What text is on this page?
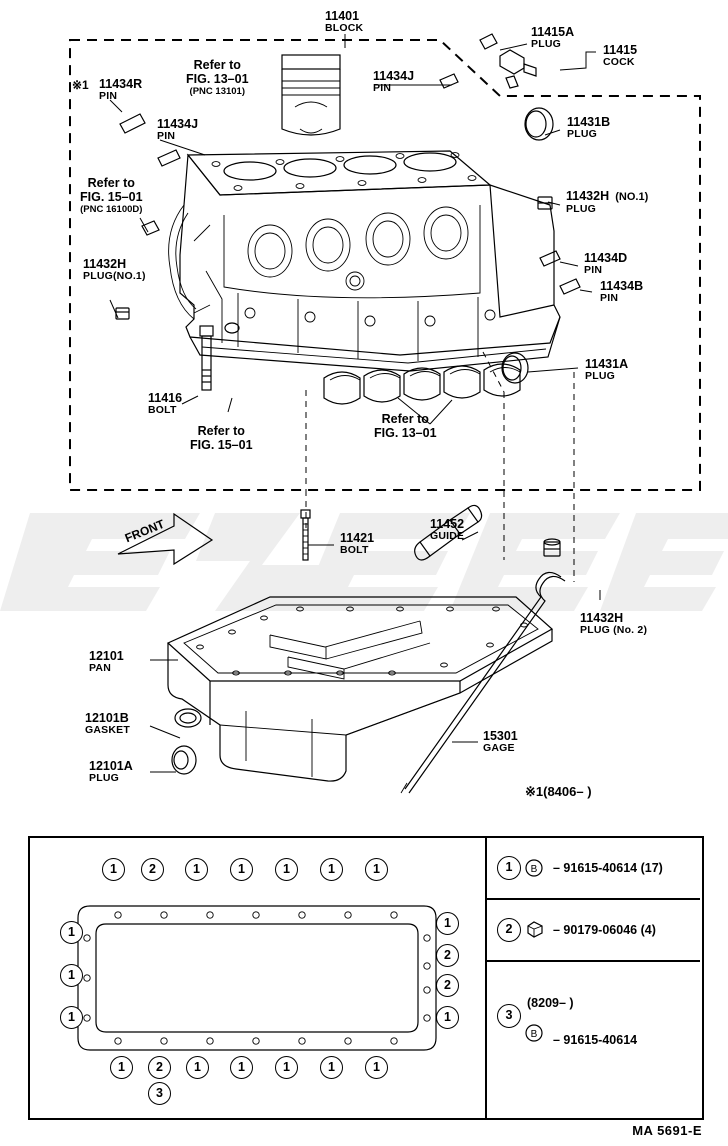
FRONT
11401
BLOCK	11415A
PLUG	11415
COCK
11434J
PIN
11434J
PIN
※1 11434R
PIN
11431B
PLUG
11432H (NO.1)
PLUG
11434D
PIN
11434B
PIN
11432H
PLUG(NO.1)
11431A
PLUG
11416
BOLT
11421
BOLT
11452
GUIDE
11432H
PLUG (No. 2)
12101
PAN
12101B
GASKET
12101A
PLUG
15301
GAGE
Refer to
FIG. 13–01
(PNC 13101)
Refer to
FIG. 15–01
(PNC 16100D)
Refer to
FIG. 15–01
Refer to
FIG. 13–01
※1(8406– )
1	2	1	1	1	1	1
1
1
1
1
2
2
1
1	2	1	1	1	1	1
3
1	B – 91615-40614 (17)
2	– 90179-06046 (4)
3
(8209– )
B – 91615-40614
MA 5691-E
